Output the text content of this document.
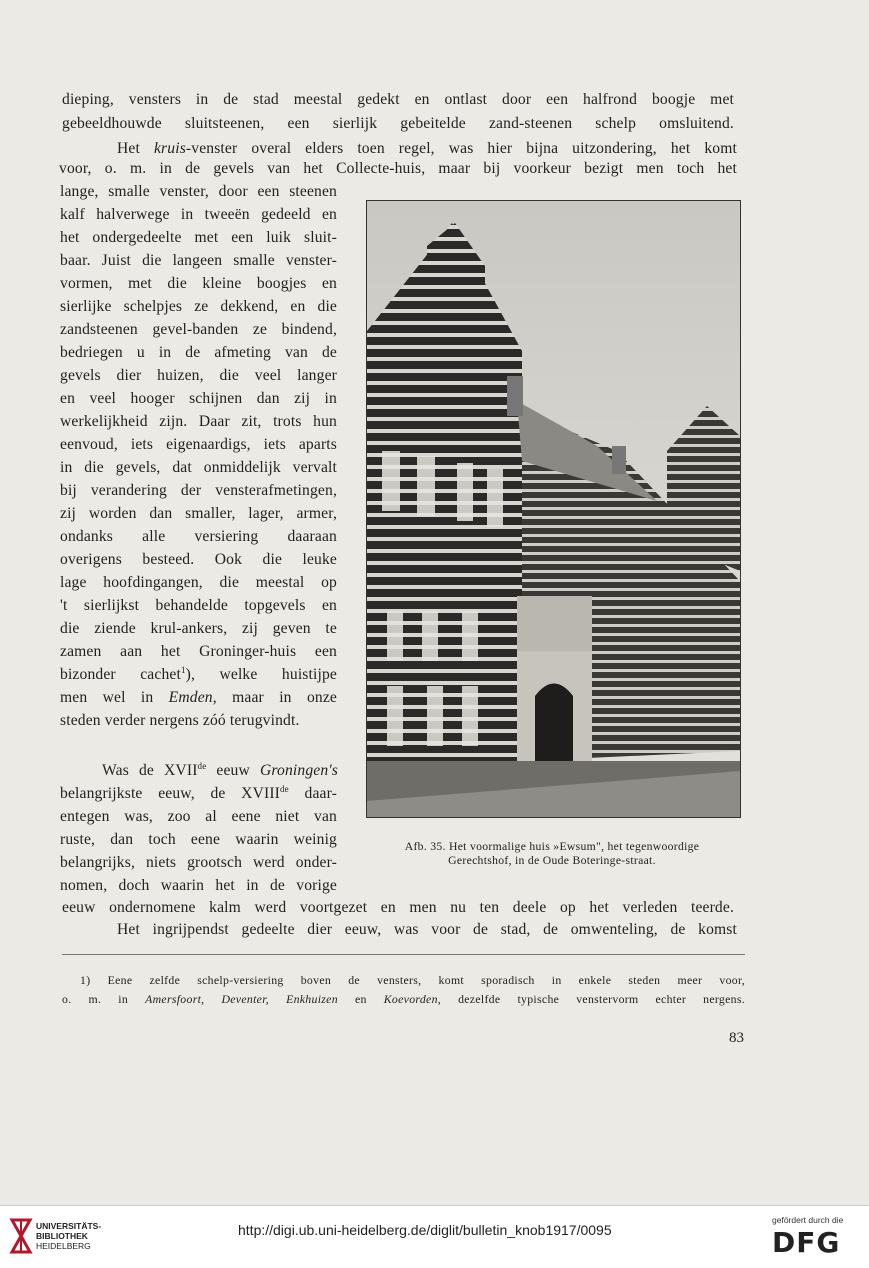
dieping, vensters in de stad meestal gedekt en ontlast door een halfrond boogje met
gebeeldhouwde sluitsteenen, een sierlijk gebeitelde zand-steenen schelp omsluitend.
Het kruis-venster overal elders toen regel, was hier bijna uitzondering, het komt
voor, o. m. in de gevels van het Collecte-huis, maar bij voorkeur bezigt men toch het
lange, smalle venster, door een steenen
kalf halverwege in tweeën gedeeld en
het ondergedeelte met een luik sluit-
baar. Juist die langeen smalle venster-
vormen, met die kleine boogjes en
sierlijke schelpjes ze dekkend, en die
zandsteenen gevel-banden ze bindend,
bedriegen u in de afmeting van de
gevels dier huizen, die veel langer
en veel hooger schijnen dan zij in
werkelijkheid zijn. Daar zit, trots hun
eenvoud, iets eigenaardigs, iets aparts
in die gevels, dat onmiddelijk vervalt
bij verandering der vensterafmetingen,
zij worden dan smaller, lager, armer,
ondanks alle versiering daaraan
overigens besteed. Ook die leuke
lage hoofdingangen, die meestal op
't sierlijkst behandelde topgevels en
die ziende krul-ankers, zij geven te
zamen aan het Groninger-huis een
bizonder cachet$^1$), welke huistijpe
men wel in Emden, maar in onze
steden verder nergens zóó terugvindt.
Was de XVIIde eeuw Groningen's
belangrijkste eeuw, de XVIIIde daar-
entegen was, zoo al eene niet van
ruste, dan toch eene waarin weinig
belangrijks, niets grootsch werd onder-
nomen, doch waarin het in de vorige
Afb. 35. Het voormalige huis »Ewsum", het tegenwoordige
Gerechtshof, in de Oude Boteringe-straat.
eeuw ondernomene kalm werd voortgezet en men nu ten deele op het verleden teerde.
Het ingrijpendst gedeelte dier eeuw, was voor de stad, de omwenteling, de komst
1) Eene zelfde schelp-versiering boven de vensters, komt sporadisch in enkele steden meer voor,
o. m. in Amersfoort, Deventer, Enkhuizen en Koevorden, dezelfde typische venstervorm echter nergens.
83
UNIVERSITÄTS-
BIBLIOTHEK
HEIDELBERG
http://digi.ub.uni-heidelberg.de/diglit/bulletin_knob1917/0095
gefördert durch die
DFG
